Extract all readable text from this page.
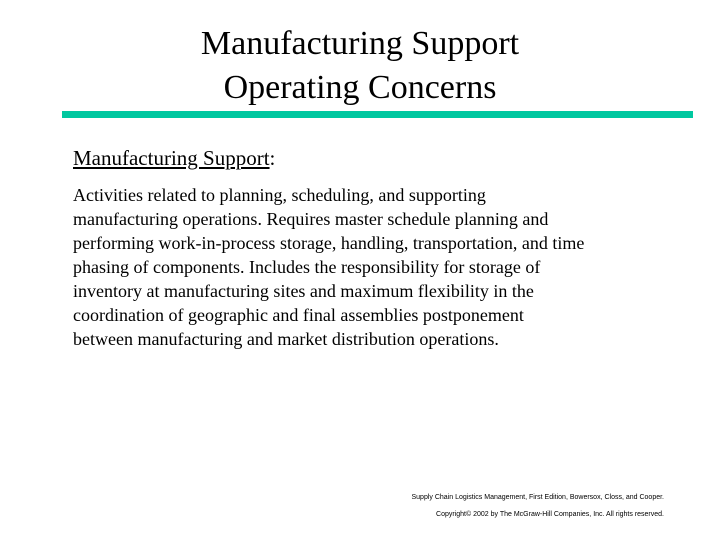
Manufacturing Support
Operating Concerns
Manufacturing Support:
Activities related to planning, scheduling, and supporting
manufacturing operations. Requires master schedule planning and
performing work-in-process storage, handling, transportation, and time
phasing of components. Includes the responsibility for storage of
inventory at manufacturing sites and maximum flexibility in the
coordination of geographic and final assemblies postponement
between manufacturing and market distribution operations.
Supply Chain Logistics Management, First Edition, Bowersox, Closs, and Cooper.
Copyright© 2002 by The McGraw-Hill Companies, Inc. All rights reserved.
